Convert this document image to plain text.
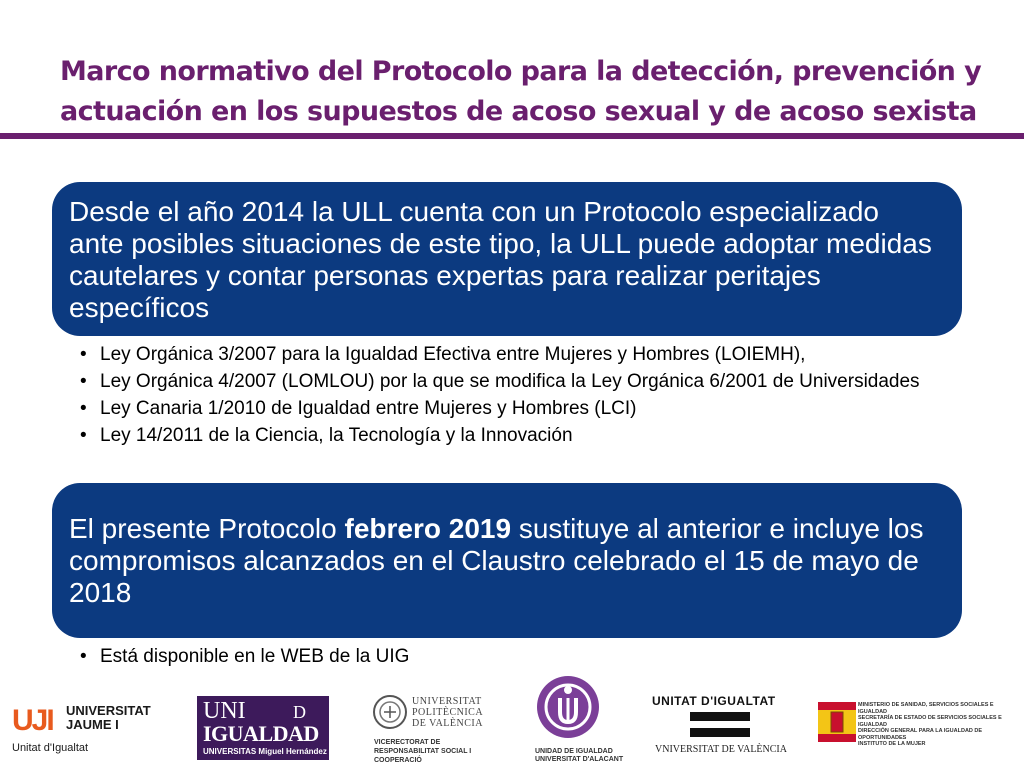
Marco normativo del Protocolo para la detección, prevención y
actuación en los supuestos de acoso sexual y de acoso sexista
Desde el año 2014 la ULL cuenta con un Protocolo especializado ante posibles situaciones de este tipo, la ULL puede adoptar medidas cautelares y contar personas expertas para realizar peritajes específicos
• Ley Orgánica 3/2007 para la Igualdad Efectiva entre Mujeres y Hombres (LOIEMH),
• Ley Orgánica 4/2007 (LOMLOU) por la que se modifica la Ley Orgánica 6/2001 de Universidades
• Ley Canaria 1/2010 de Igualdad entre Mujeres y Hombres (LCI)
• Ley 14/2011 de la Ciencia, la Tecnología y la Innovación
El presente Protocolo febrero 2019 sustituye al anterior e incluye los compromisos alcanzados en el Claustro celebrado el 15 de mayo de 2018
• Está disponible en le WEB de la UIG
UJI UNIVERSITAT
JAUME I
Unitat d'Igualtat
UNI	D
IGUALDAD
UNIVERSITAS Miguel Hernández
UNIVERSITAT
POLITÈCNICA
DE VALÈNCIA
VICERECTORAT DE RESPONSABILITAT SOCIAL I COOPERACIÓ
UNIDAD DE IGUALDAD
UNIVERSITAT D'ALACANT
UNITAT D'IGUALTAT
VNIVERSITAT DE VALÈNCIA
MINISTERIO DE SANIDAD, SERVICIOS SOCIALES E IGUALDAD
SECRETARÍA DE ESTADO DE SERVICIOS SOCIALES E IGUALDAD
DIRECCIÓN GENERAL PARA LA IGUALDAD DE OPORTUNIDADES
INSTITUTO DE LA MUJER
